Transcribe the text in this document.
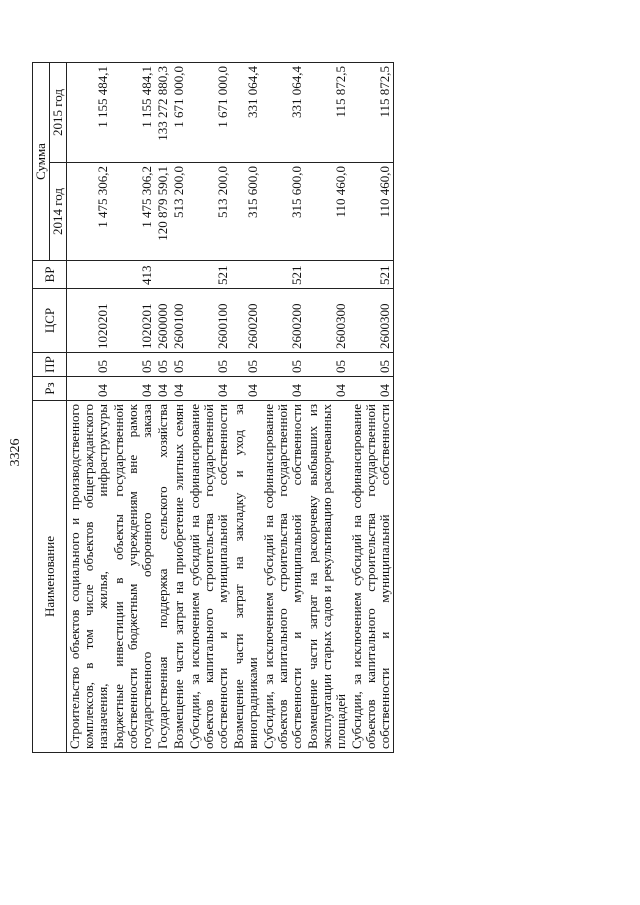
3326
Наименование	Рз	ПР	ЦСР	ВР	Сумма	
					2014 год	2015 год
Строительство объектов социального и производственного комплексов, в том числе объектов общегражданского назначения, жилья, инфраструктуры	04	05	1020201		1 475 306,2	1 155 484,1
Бюджетные инвестиции в объекты государственной собственности бюджетным учреждениям вне рамок государственного оборонного заказа	04	05	1020201	413	1 475 306,2	1 155 484,1
Государственная поддержка сельского хозяйства	04	05	2600000		120 879 590,1	133 272 880,3
Возмещение части затрат на приобретение элитных семян	04	05	2600100		513 200,0	1 671 000,0
Субсидии, за исключением субсидий на софинансирование объектов капитального строительства государственной собственности и муниципальной собственности	04	05	2600100	521	513 200,0	1 671 000,0
Возмещение части затрат на закладку и уход за виноградниками	04	05	2600200		315 600,0	331 064,4
Субсидии, за исключением субсидий на софинансирование объектов капитального строительства государственной собственности и муниципальной собственности	04	05	2600200	521	315 600,0	331 064,4
Возмещение части затрат на раскорчевку выбывших из эксплуатации старых садов и рекультивацию раскорчеванных площадей	04	05	2600300		110 460,0	115 872,5
Субсидии, за исключением субсидий на софинансирование объектов капитального строительства государственной собственности и муниципальной собственности	04	05	2600300	521	110 460,0	115 872,5
